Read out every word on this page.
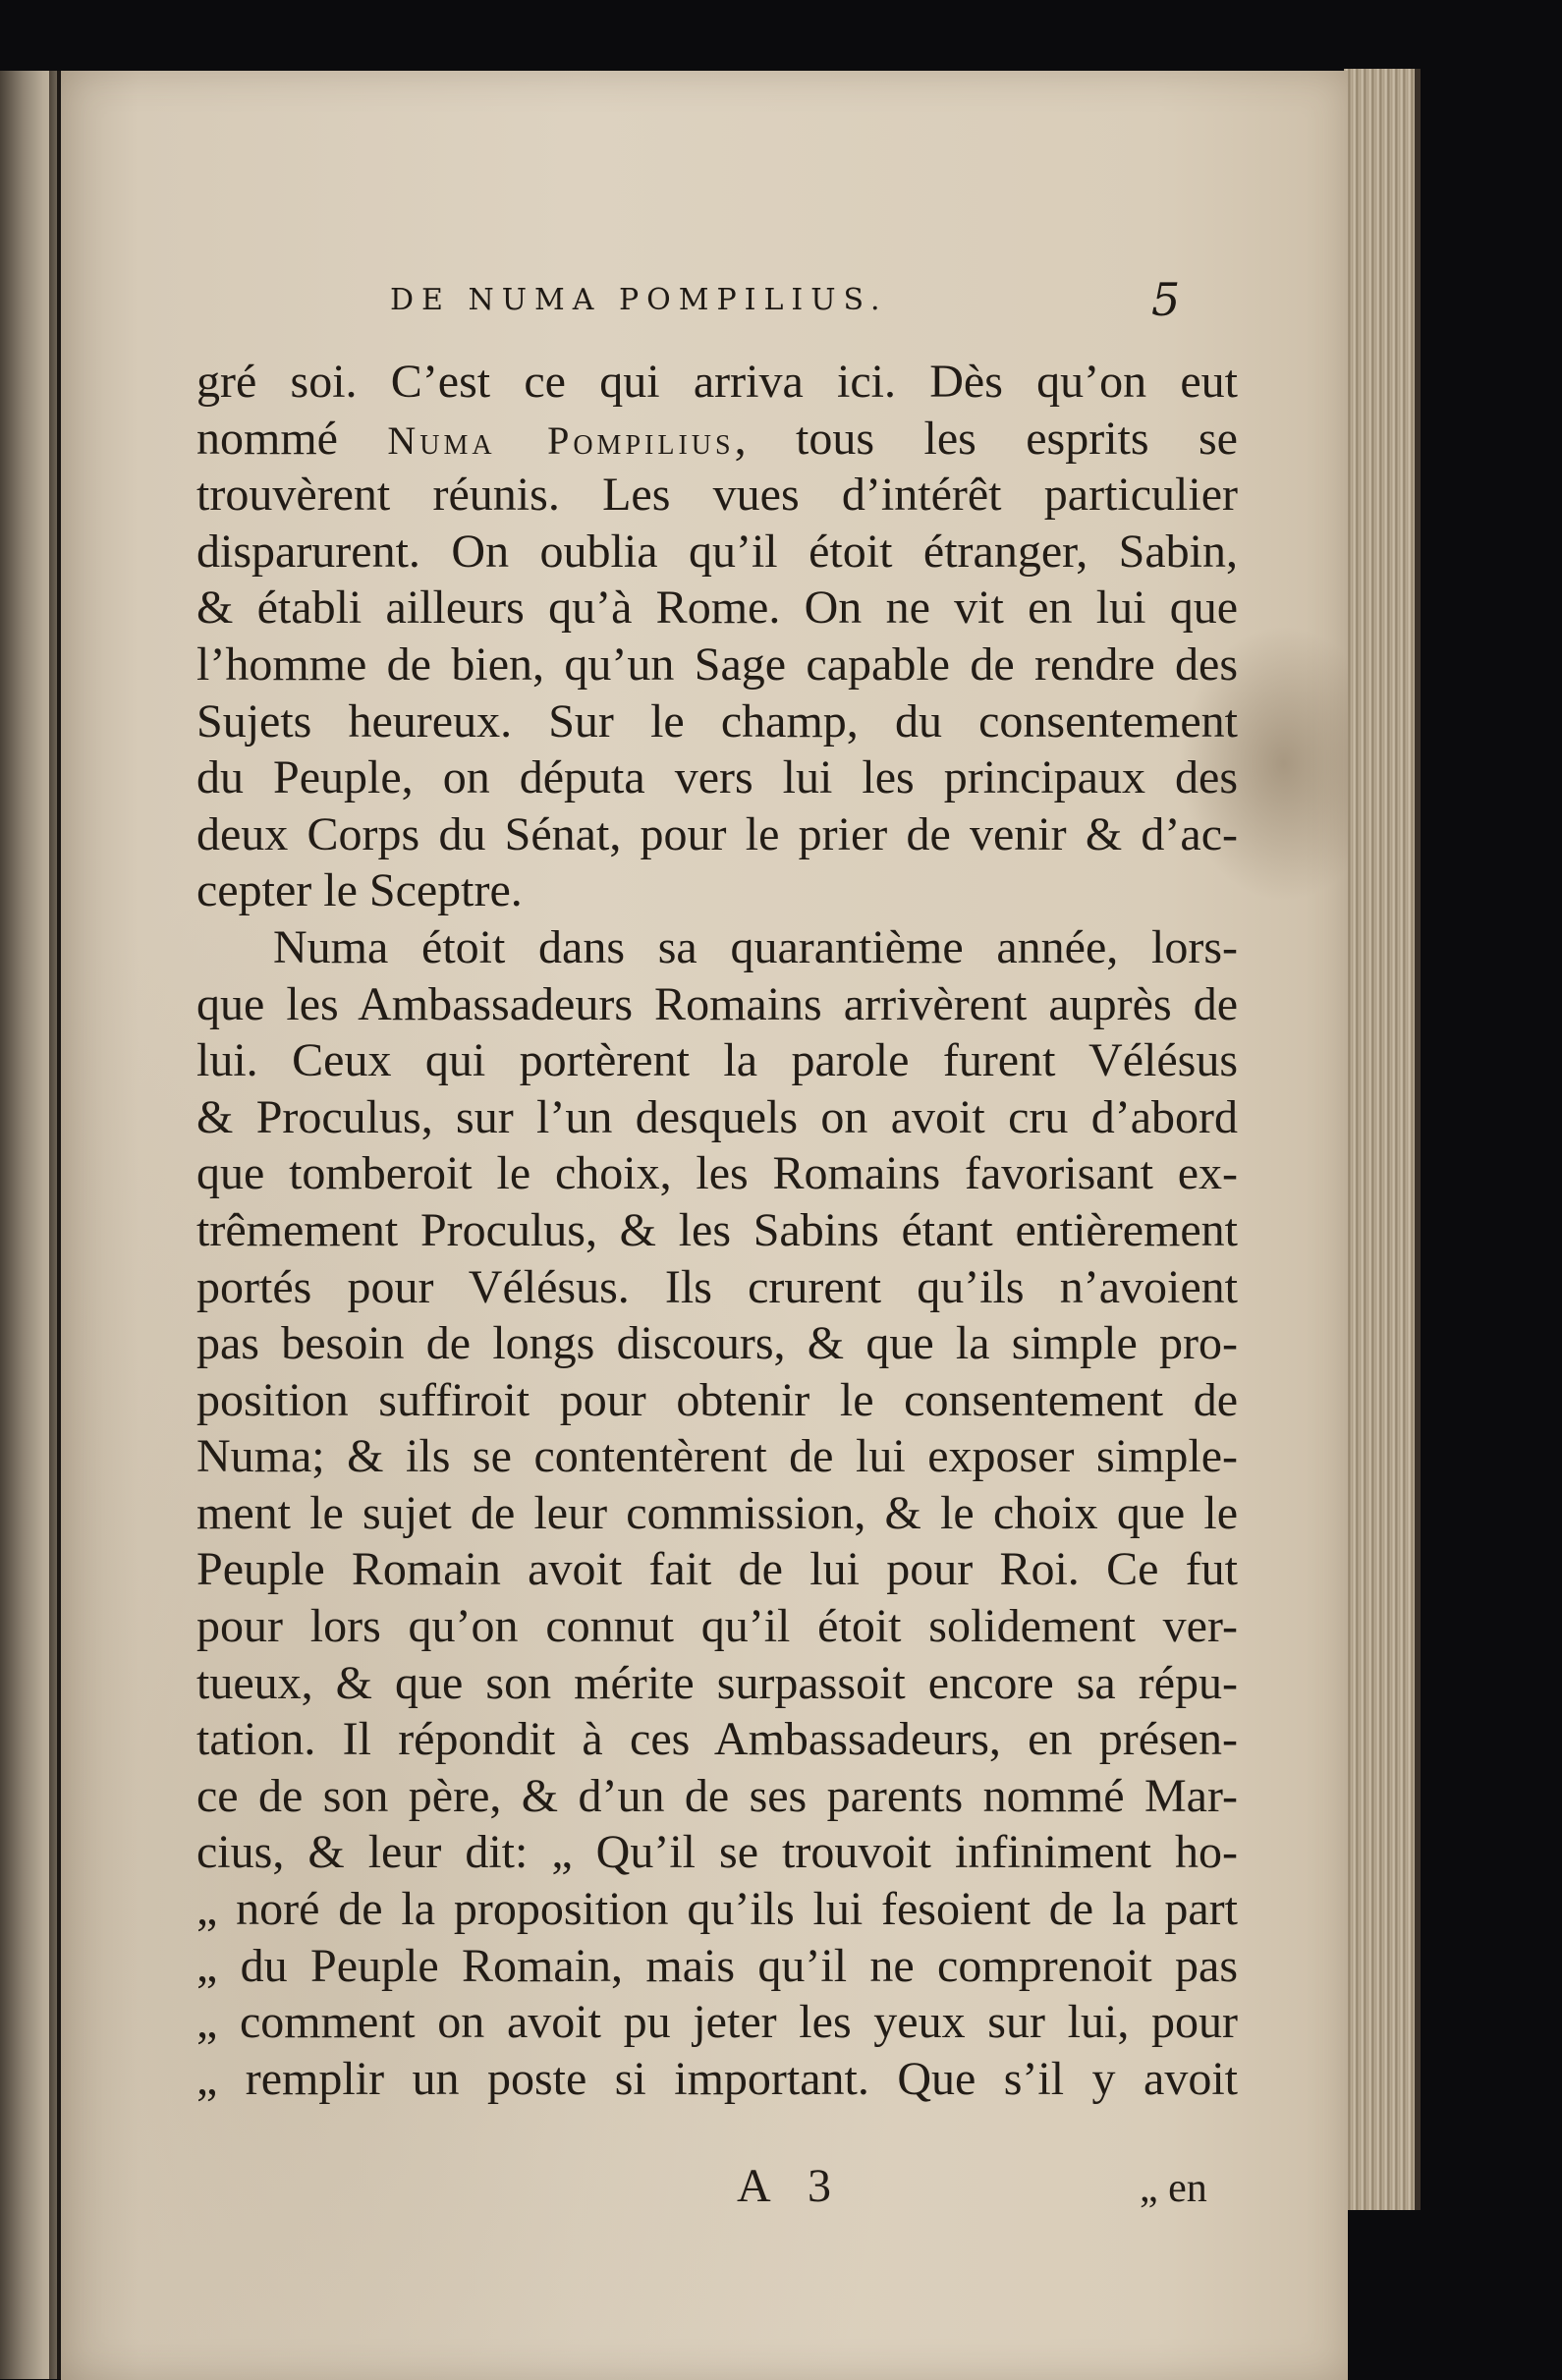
DE NUMA POMPILIUS.	5
gré soi. C’est ce qui arriva ici. Dès qu’on eut
nommé Numa Pompilius, tous les esprits se
trouvèrent réunis. Les vues d’intérêt particulier
disparurent. On oublia qu’il étoit étranger, Sabin,
& établi ailleurs qu’à Rome. On ne vit en lui que
l’homme de bien, qu’un Sage capable de rendre des
Sujets heureux. Sur le champ, du consentement
du Peuple, on députa vers lui les principaux des
deux Corps du Sénat, pour le prier de venir & d’ac-
cepter le Sceptre.
Numa étoit dans sa quarantième année, lors-
que les Ambassadeurs Romains arrivèrent auprès de
lui. Ceux qui portèrent la parole furent Vélésus
& Proculus, sur l’un desquels on avoit cru d’abord
que tomberoit le choix, les Romains favorisant ex-
trêmement Proculus, & les Sabins étant entièrement
portés pour Vélésus. Ils crurent qu’ils n’avoient
pas besoin de longs discours, & que la simple pro-
position suffiroit pour obtenir le consentement de
Numa; & ils se contentèrent de lui exposer simple-
ment le sujet de leur commission, & le choix que le
Peuple Romain avoit fait de lui pour Roi. Ce fut
pour lors qu’on connut qu’il étoit solidement ver-
tueux, & que son mérite surpassoit encore sa répu-
tation. Il répondit à ces Ambassadeurs, en présen-
ce de son père, & d’un de ses parents nommé Mar-
cius, & leur dit: „ Qu’il se trouvoit infiniment ho-
„ noré de la proposition qu’ils lui fesoient de la part
„ du Peuple Romain, mais qu’il ne comprenoit pas
„ comment on avoit pu jeter les yeux sur lui, pour
„ remplir un poste si important. Que s’il y avoit
A 3	„ en
